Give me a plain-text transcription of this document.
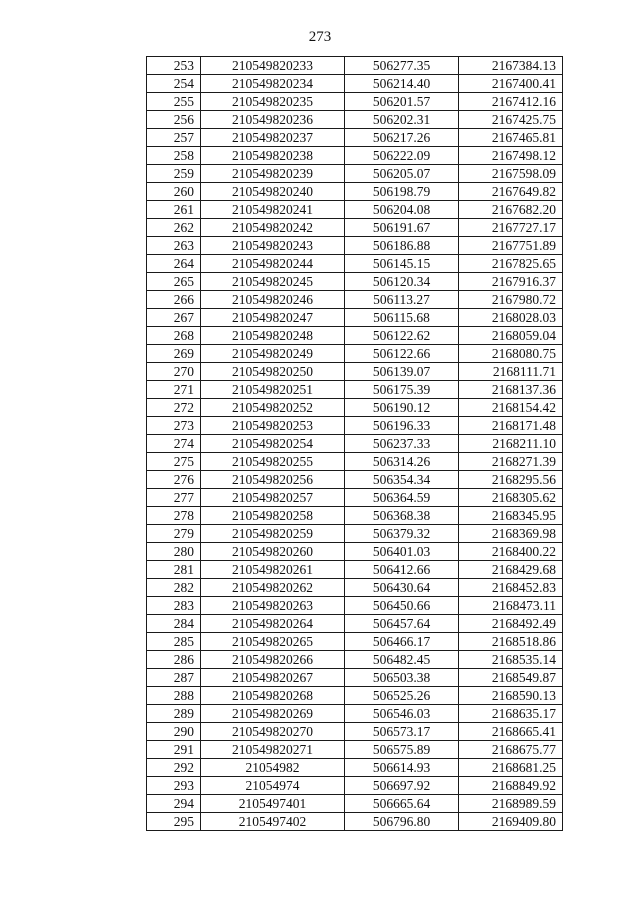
273
253	210549820233	506277.35	2167384.13
254	210549820234	506214.40	2167400.41
255	210549820235	506201.57	2167412.16
256	210549820236	506202.31	2167425.75
257	210549820237	506217.26	2167465.81
258	210549820238	506222.09	2167498.12
259	210549820239	506205.07	2167598.09
260	210549820240	506198.79	2167649.82
261	210549820241	506204.08	2167682.20
262	210549820242	506191.67	2167727.17
263	210549820243	506186.88	2167751.89
264	210549820244	506145.15	2167825.65
265	210549820245	506120.34	2167916.37
266	210549820246	506113.27	2167980.72
267	210549820247	506115.68	2168028.03
268	210549820248	506122.62	2168059.04
269	210549820249	506122.66	2168080.75
270	210549820250	506139.07	2168111.71
271	210549820251	506175.39	2168137.36
272	210549820252	506190.12	2168154.42
273	210549820253	506196.33	2168171.48
274	210549820254	506237.33	2168211.10
275	210549820255	506314.26	2168271.39
276	210549820256	506354.34	2168295.56
277	210549820257	506364.59	2168305.62
278	210549820258	506368.38	2168345.95
279	210549820259	506379.32	2168369.98
280	210549820260	506401.03	2168400.22
281	210549820261	506412.66	2168429.68
282	210549820262	506430.64	2168452.83
283	210549820263	506450.66	2168473.11
284	210549820264	506457.64	2168492.49
285	210549820265	506466.17	2168518.86
286	210549820266	506482.45	2168535.14
287	210549820267	506503.38	2168549.87
288	210549820268	506525.26	2168590.13
289	210549820269	506546.03	2168635.17
290	210549820270	506573.17	2168665.41
291	210549820271	506575.89	2168675.77
292	21054982	506614.93	2168681.25
293	21054974	506697.92	2168849.92
294	2105497401	506665.64	2168989.59
295	2105497402	506796.80	2169409.80
